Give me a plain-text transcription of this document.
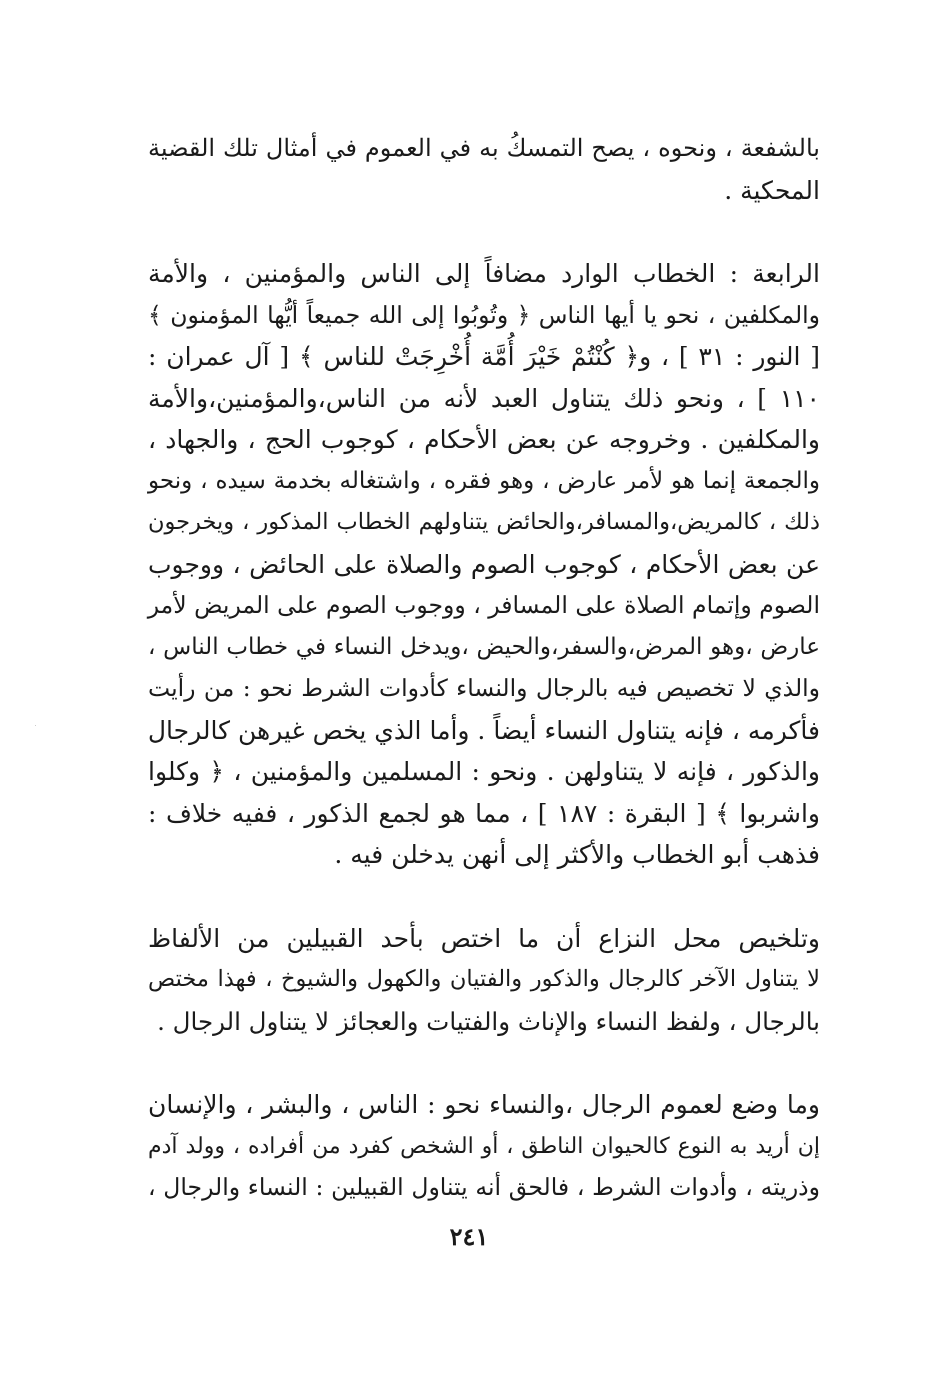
بالشفعة ، ونحوه ، يصح التمسكُ به في العموم في أمثال تلك القضية
المحكية .
الرابعة : الخطاب الوارد مضافاً إلى الناس والمؤمنين ، والأمة
والمكلفين ، نحو يا أيها الناس ﴿ وتُوبُوا إلى الله جميعاً أيُّها المؤمنون ﴾
[ النور : ٣١ ] ، و﴿ كُنْتُمْ خَيْرَ أُمَّة أُخْرِجَتْ للناس ﴾ [ آل عمران :
١١٠ ] ، ونحو ذلك يتناول العبد لأنه من الناس،والمؤمنين،والأمة
والمكلفين . وخروجه عن بعض الأحكام ، كوجوب الحج ، والجهاد ،
والجمعة إنما هو لأمر عارض ، وهو فقره ، واشتغاله بخدمة سيده ، ونحو
ذلك ، كالمريض،والمسافر،والحائض يتناولهم الخطاب المذكور ، ويخرجون
عن بعض الأحكام ، كوجوب الصوم والصلاة على الحائض ، ووجوب
الصوم وإتمام الصلاة على المسافر ، ووجوب الصوم على المريض لأمر
عارض ،وهو المرض،والسفر،والحيض ،ويدخل النساء في خطاب الناس ،
والذي لا تخصيص فيه بالرجال والنساء كأدوات الشرط نحو : من رأيت
فأكرمه ، فإنه يتناول النساء أيضاً . وأما الذي يخص غيرهن كالرجال
والذكور ، فإنه لا يتناولهن . ونحو : المسلمين والمؤمنين ، ﴿ وكلوا
واشربوا ﴾ [ البقرة : ١٨٧ ] ، مما هو لجمع الذكور ، ففيه خلاف :
فذهب أبو الخطاب والأكثر إلى أنهن يدخلن فيه .
وتلخيص محل النزاع أن ما اختص بأحد القبيلين من الألفاظ
لا يتناول الآخر كالرجال والذكور والفتيان والكهول والشيوخ ، فهذا مختص
بالرجال ، ولفظ النساء والإناث والفتيات والعجائز لا يتناول الرجال .
وما وضع لعموم الرجال ،والنساء نحو : الناس ، والبشر ، والإنسان
إن أريد به النوع كالحيوان الناطق ، أو الشخص كفرد من أفراده ، وولد آدم
وذريته ، وأدوات الشرط ، فالحق أنه يتناول القبيلين : النساء والرجال ،
٢٤١
